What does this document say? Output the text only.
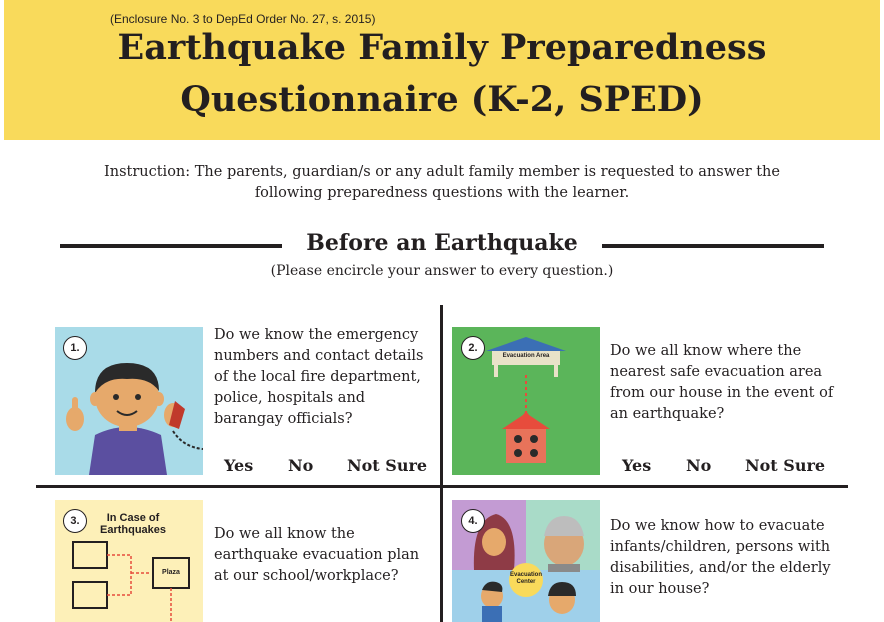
(Enclosure No. 3 to DepEd Order No. 27, s. 2015)
Earthquake Family Preparedness
Questionnaire (K-2, SPED)
Instruction: The parents, guardian/s or any adult family member is requested to answer the following preparedness questions with the learner.
Before an Earthquake
(Please encircle your answer to every question.)
1.
Do we know the emergency numbers and contact details of the local fire department, police, hospitals and barangay officials?
Yes No Not Sure
Evacuation Area
2.	Do we all know where the nearest safe evacuation area from our house in the event of an earthquake?
Yes No Not Sure
In Case of Earthquakes
Plaza
3.
Do we all know the earthquake evacuation plan at our school/workplace?	Evacuation Center
4.	Do we know how to evacuate infants/children, persons with disabilities, and/or the elderly in our house?
